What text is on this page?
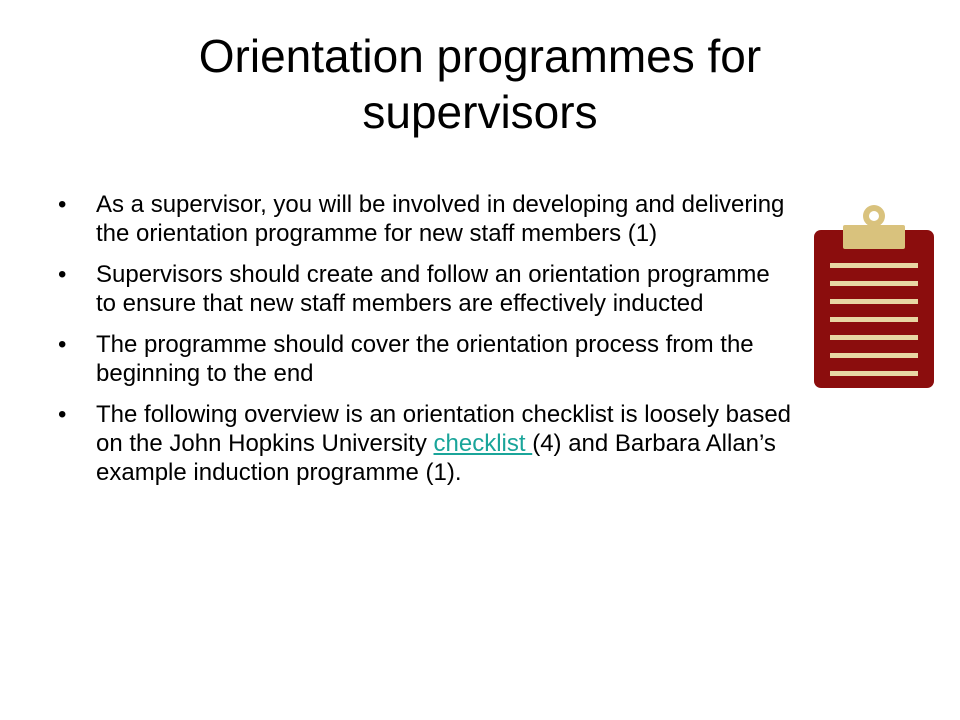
Orientation programmes for supervisors
•	As a supervisor, you will be involved in developing and delivering the orientation programme for new staff members (1)
•	Supervisors should create and follow an orientation programme to ensure that new staff members are effectively inducted
•	The programme should cover the orientation process from the beginning to the end
•	The following overview is an orientation checklist is loosely based on the John Hopkins University checklist (4) and Barbara Allan’s example induction programme (1).
